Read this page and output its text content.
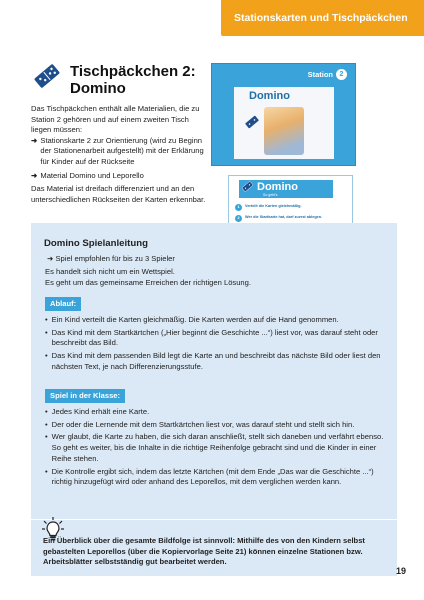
Stationskarten und Tischpäckchen
Tischpäckchen 2:
Domino

Das Tischpäckchen enthält alle Materialien, die zu Station 2 gehören und auf einem zweiten Tisch liegen müssen:

➜ Stationskarte 2 zur Orientierung (wird zu Beginn der Stationenarbeit aufgestellt) mit der Erklärung für Kinder auf der Rückseite
➜ Material Domino und Leporello

Das Material ist dreifach differenziert und an den unterschiedlichen Rückseiten der Karten erkennbar.

Station 2
Domino
Domino
So geht's
1	Verteilt die Karten gleichmäßig.
2	Wer die Startkarte hat, darf zuerst ablegen.
Domino Spielanleitung
➜ Spiel empfohlen für bis zu 3 Spieler
Es handelt sich nicht um ein Wettspiel.
Es geht um das gemeinsame Erreichen der richtigen Lösung.
Ablauf:
• Ein Kind verteilt die Karten gleichmäßig. Die Karten werden auf die Hand genommen.
• Das Kind mit dem Startkärtchen („Hier beginnt die Geschichte ...“) liest vor, was darauf steht oder beschreibt das Bild.
• Das Kind mit dem passenden Bild legt die Karte an und beschreibt das nächste Bild oder liest den nächsten Text, je nach Differenzierungsstufe.
Spiel in der Klasse:
• Jedes Kind erhält eine Karte.
• Der oder die Lernende mit dem Startkärtchen liest vor, was darauf steht und stellt sich hin.
• Wer glaubt, die Karte zu haben, die sich daran anschließt, stellt sich daneben und verfährt ebenso. So geht es weiter, bis die Inhalte in die richtige Reihenfolge gebracht sind und die Kinder in einer Reihe stehen.
• Die Kontrolle ergibt sich, indem das letzte Kärtchen (mit dem Ende „Das war die Geschichte ...“) richtig hinzugefügt wird oder anhand des Leporellos, mit dem verglichen werden kann.
Ein Überblick über die gesamte Bildfolge ist sinnvoll: Mithilfe des von den Kindern selbst gebastelten Leporellos (über die Kopiervorlage Seite 21) können einzelne Stationen bzw. Arbeitsblätter selbstständig gut bearbeitet werden.
19
